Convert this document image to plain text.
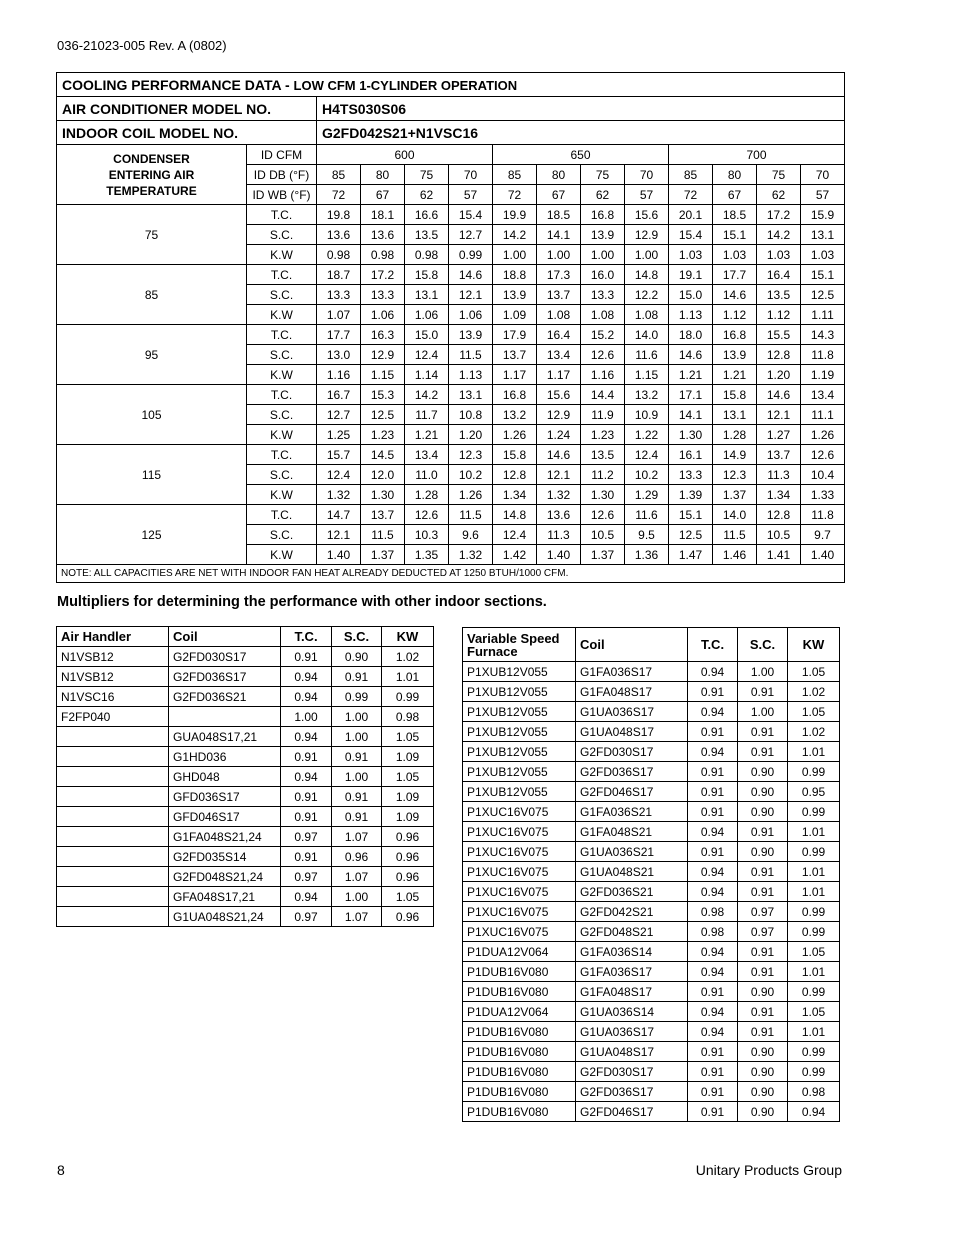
036-21023-005 Rev. A (0802)
COOLING PERFORMANCE DATA - LOW CFM 1-CYLINDER OPERATION													
AIR CONDITIONER MODEL NO.		H4TS030S06											
INDOOR COIL MODEL NO.		G2FD042S21+N1VSC16											

CONDENSER
ENTERING AIR
TEMPERATURE	ID CFM	600				650				700			
	ID DB (°F)	85	80	75	70	85	80	75	70	85	80	75	70
	ID WB (°F)	72	67	62	57	72	67	62	57	72	67	62	57
75	T.C.	19.8	18.1	16.6	15.4	19.9	18.5	16.8	15.6	20.1	18.5	17.2	15.9
	S.C.	13.6	13.6	13.5	12.7	14.2	14.1	13.9	12.9	15.4	15.1	14.2	13.1
	K.W	0.98	0.98	0.98	0.99	1.00	1.00	1.00	1.00	1.03	1.03	1.03	1.03
85	T.C.	18.7	17.2	15.8	14.6	18.8	17.3	16.0	14.8	19.1	17.7	16.4	15.1
	S.C.	13.3	13.3	13.1	12.1	13.9	13.7	13.3	12.2	15.0	14.6	13.5	12.5
	K.W	1.07	1.06	1.06	1.06	1.09	1.08	1.08	1.08	1.13	1.12	1.12	1.11
95	T.C.	17.7	16.3	15.0	13.9	17.9	16.4	15.2	14.0	18.0	16.8	15.5	14.3
	S.C.	13.0	12.9	12.4	11.5	13.7	13.4	12.6	11.6	14.6	13.9	12.8	11.8
	K.W	1.16	1.15	1.14	1.13	1.17	1.17	1.16	1.15	1.21	1.21	1.20	1.19
105	T.C.	16.7	15.3	14.2	13.1	16.8	15.6	14.4	13.2	17.1	15.8	14.6	13.4
	S.C.	12.7	12.5	11.7	10.8	13.2	12.9	11.9	10.9	14.1	13.1	12.1	11.1
	K.W	1.25	1.23	1.21	1.20	1.26	1.24	1.23	1.22	1.30	1.28	1.27	1.26
115	T.C.	15.7	14.5	13.4	12.3	15.8	14.6	13.5	12.4	16.1	14.9	13.7	12.6
	S.C.	12.4	12.0	11.0	10.2	12.8	12.1	11.2	10.2	13.3	12.3	11.3	10.4
	K.W	1.32	1.30	1.28	1.26	1.34	1.32	1.30	1.29	1.39	1.37	1.34	1.33
125	T.C.	14.7	13.7	12.6	11.5	14.8	13.6	12.6	11.6	15.1	14.0	12.8	11.8
	S.C.	12.1	11.5	10.3	9.6	12.4	11.3	10.5	9.5	12.5	11.5	10.5	9.7
	K.W	1.40	1.37	1.35	1.32	1.42	1.40	1.37	1.36	1.47	1.46	1.41	1.40
NOTE: ALL CAPACITIES ARE NET WITH INDOOR FAN HEAT ALREADY DEDUCTED AT 1250 BTUH/1000 CFM.													
Multipliers for determining the performance with other indoor sections.
Air Handler	Coil	T.C.	S.C.	KW
N1VSB12	G2FD030S17	0.91	0.90	1.02
N1VSB12	G2FD036S17	0.94	0.91	1.01
N1VSC16	G2FD036S21	0.94	0.99	0.99
F2FP040		1.00	1.00	0.98
	GUA048S17,21	0.94	1.00	1.05
	G1HD036	0.91	0.91	1.09
	GHD048	0.94	1.00	1.05
	GFD036S17	0.91	0.91	1.09
	GFD046S17	0.91	0.91	1.09
	G1FA048S21,24	0.97	1.07	0.96
	G2FD035S14	0.91	0.96	0.96
	G2FD048S21,24	0.97	1.07	0.96
	GFA048S17,21	0.94	1.00	1.05
	G1UA048S21,24	0.97	1.07	0.96
Variable Speed Furnace	Coil	T.C.	S.C.	KW
P1XUB12V055	G1FA036S17	0.94	1.00	1.05
P1XUB12V055	G1FA048S17	0.91	0.91	1.02
P1XUB12V055	G1UA036S17	0.94	1.00	1.05
P1XUB12V055	G1UA048S17	0.91	0.91	1.02
P1XUB12V055	G2FD030S17	0.94	0.91	1.01
P1XUB12V055	G2FD036S17	0.91	0.90	0.99
P1XUB12V055	G2FD046S17	0.91	0.90	0.95
P1XUC16V075	G1FA036S21	0.91	0.90	0.99
P1XUC16V075	G1FA048S21	0.94	0.91	1.01
P1XUC16V075	G1UA036S21	0.91	0.90	0.99
P1XUC16V075	G1UA048S21	0.94	0.91	1.01
P1XUC16V075	G2FD036S21	0.94	0.91	1.01
P1XUC16V075	G2FD042S21	0.98	0.97	0.99
P1XUC16V075	G2FD048S21	0.98	0.97	0.99
P1DUA12V064	G1FA036S14	0.94	0.91	1.05
P1DUB16V080	G1FA036S17	0.94	0.91	1.01
P1DUB16V080	G1FA048S17	0.91	0.90	0.99
P1DUA12V064	G1UA036S14	0.94	0.91	1.05
P1DUB16V080	G1UA036S17	0.94	0.91	1.01
P1DUB16V080	G1UA048S17	0.91	0.90	0.99
P1DUB16V080	G2FD030S17	0.91	0.90	0.99
P1DUB16V080	G2FD036S17	0.91	0.90	0.98
P1DUB16V080	G2FD046S17	0.91	0.90	0.94
8	Unitary Products Group
